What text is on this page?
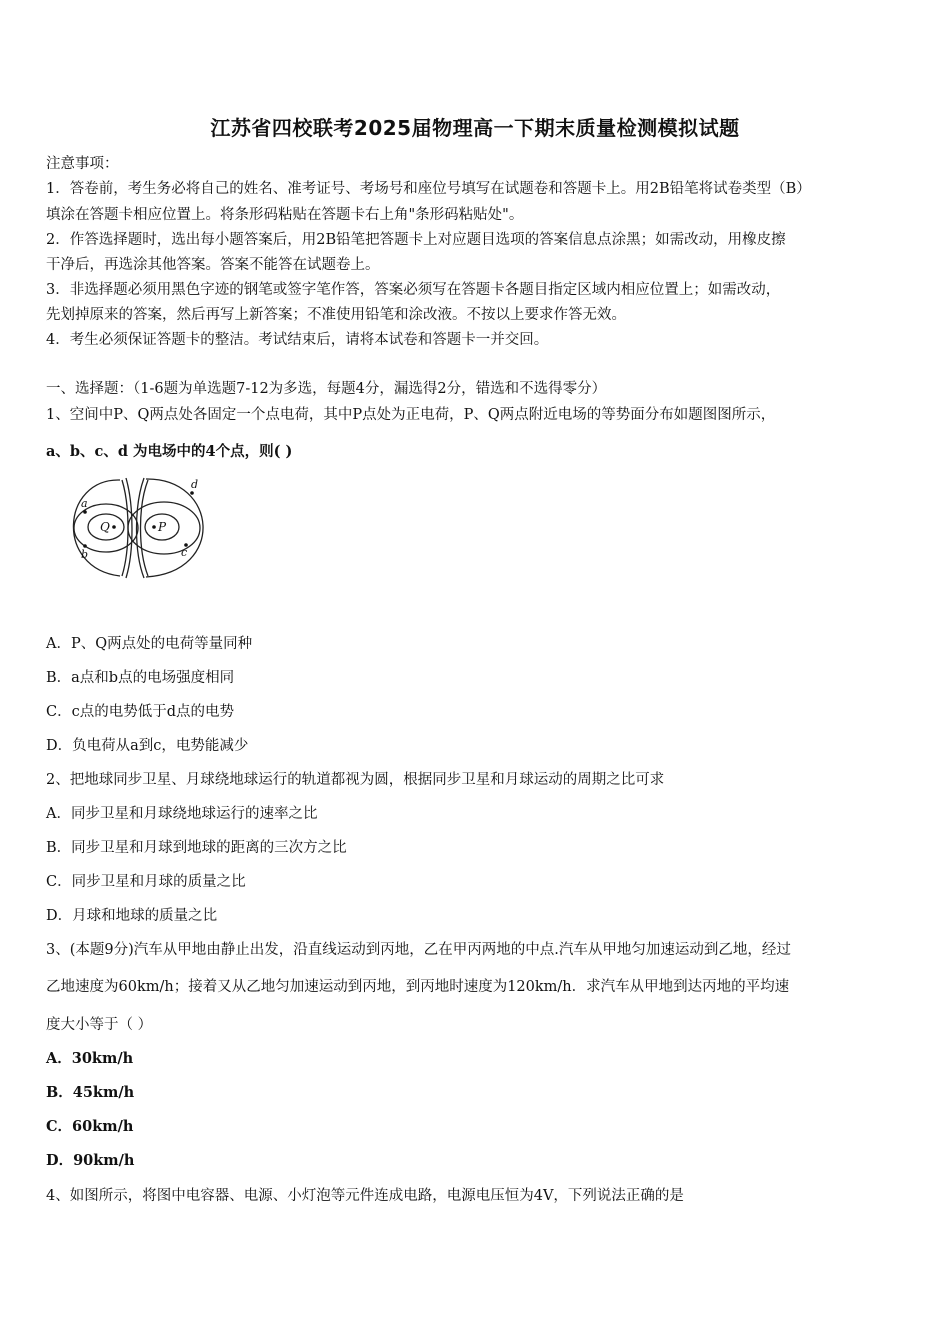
江苏省四校联考2025届物理高一下期末质量检测模拟试题
注意事项：
1．答卷前，考生务必将自己的姓名、准考证号、考场号和座位号填写在试题卷和答题卡上。用2B铅笔将试卷类型（B）
填涂在答题卡相应位置上。将条形码粘贴在答题卡右上角"条形码粘贴处"。
2．作答选择题时，选出每小题答案后，用2B铅笔把答题卡上对应题目选项的答案信息点涂黑；如需改动，用橡皮擦
干净后，再选涂其他答案。答案不能答在试题卷上。
3．非选择题必须用黑色字迹的钢笔或签字笔作答，答案必须写在答题卡各题目指定区域内相应位置上；如需改动，
先划掉原来的答案，然后再写上新答案；不准使用铅笔和涂改液。不按以上要求作答无效。
4．考生必须保证答题卡的整洁。考试结束后，请将本试卷和答题卡一并交回。
一、选择题：（1-6题为单选题7-12为多选，每题4分，漏选得2分，错选和不选得零分）
1、空间中P、Q两点处各固定一个点电荷，其中P点处为正电荷，P、Q两点附近电场的等势面分布如题图图所示，
a、b、c、d 为电场中的4个点，则( )
a
b	c
d
Q	P
A．P、Q两点处的电荷等量同种
B．a点和b点的电场强度相同
C．c点的电势低于d点的电势
D．负电荷从a到c，电势能减少
2、把地球同步卫星、月球绕地球运行的轨道都视为圆，根据同步卫星和月球运动的周期之比可求
A．同步卫星和月球绕地球运行的速率之比
B．同步卫星和月球到地球的距离的三次方之比
C．同步卫星和月球的质量之比
D．月球和地球的质量之比
3、(本题9分)汽车从甲地由静止出发，沿直线运动到丙地，乙在甲丙两地的中点.汽车从甲地匀加速运动到乙地，经过
乙地速度为60km/h；接着又从乙地匀加速运动到丙地，到丙地时速度为120km/h．求汽车从甲地到达丙地的平均速
度大小等于（ ）
A．30km/h
B．45km/h
C．60km/h
D．90km/h
4、如图所示，将图中电容器、电源、小灯泡等元件连成电路，电源电压恒为4V，下列说法正确的是
